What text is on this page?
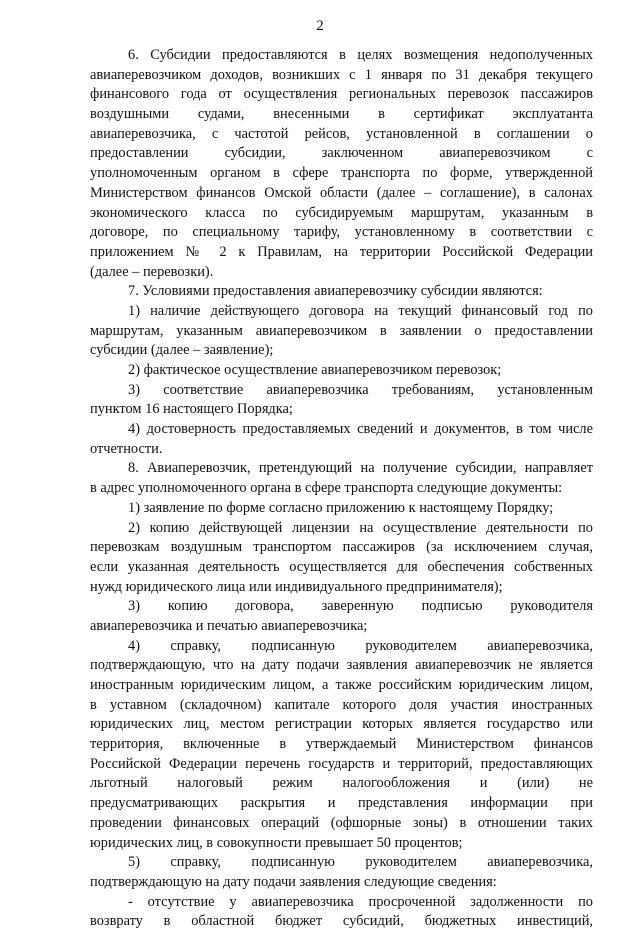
2
6. Субсидии предоставляются в целях возмещения недополученных
авиаперевозчиком доходов, возникших с 1 января по 31 декабря текущего
финансового года от осуществления региональных перевозок пассажиров
воздушными судами, внесенными в сертификат эксплуатанта
авиаперевозчика, с частотой рейсов, установленной в соглашении о
предоставлении субсидии, заключенном авиаперевозчиком с
уполномоченным органом в сфере транспорта по форме, утвержденной
Министерством финансов Омской области (далее – соглашение), в салонах
экономического класса по субсидируемым маршрутам, указанным в
договоре, по специальному тарифу, установленному в соответствии с
приложением № 2 к Правилам, на территории Российской Федерации
(далее – перевозки).
7. Условиями предоставления авиаперевозчику субсидии являются:
1) наличие действующего договора на текущий финансовый год по
маршрутам, указанным авиаперевозчиком в заявлении о предоставлении
субсидии (далее – заявление);
2) фактическое осуществление авиаперевозчиком перевозок;
3) соответствие авиаперевозчика требованиям, установленным
пунктом 16 настоящего Порядка;
4) достоверность предоставляемых сведений и документов, в том числе
отчетности.
8. Авиаперевозчик, претендующий на получение субсидии, направляет
в адрес уполномоченного органа в сфере транспорта следующие документы:
1) заявление по форме согласно приложению к настоящему Порядку;
2) копию действующей лицензии на осуществление деятельности по
перевозкам воздушным транспортом пассажиров (за исключением случая,
если указанная деятельность осуществляется для обеспечения собственных
нужд юридического лица или индивидуального предпринимателя);
3) копию договора, заверенную подписью руководителя
авиаперевозчика и печатью авиаперевозчика;
4) справку, подписанную руководителем авиаперевозчика,
подтверждающую, что на дату подачи заявления авиаперевозчик не является
иностранным юридическим лицом, а также российским юридическим лицом,
в уставном (складочном) капитале которого доля участия иностранных
юридических лиц, местом регистрации которых является государство или
территория, включенные в утверждаемый Министерством финансов
Российской Федерации перечень государств и территорий, предоставляющих
льготный налоговый режим налогообложения и (или) не
предусматривающих раскрытия и представления информации при
проведении финансовых операций (офшорные зоны) в отношении таких
юридических лиц, в совокупности превышает 50 процентов;
5) справку, подписанную руководителем авиаперевозчика,
подтверждающую на дату подачи заявления следующие сведения:
- отсутствие у авиаперевозчика просроченной задолженности по
возврату в областной бюджет субсидий, бюджетных инвестиций,
